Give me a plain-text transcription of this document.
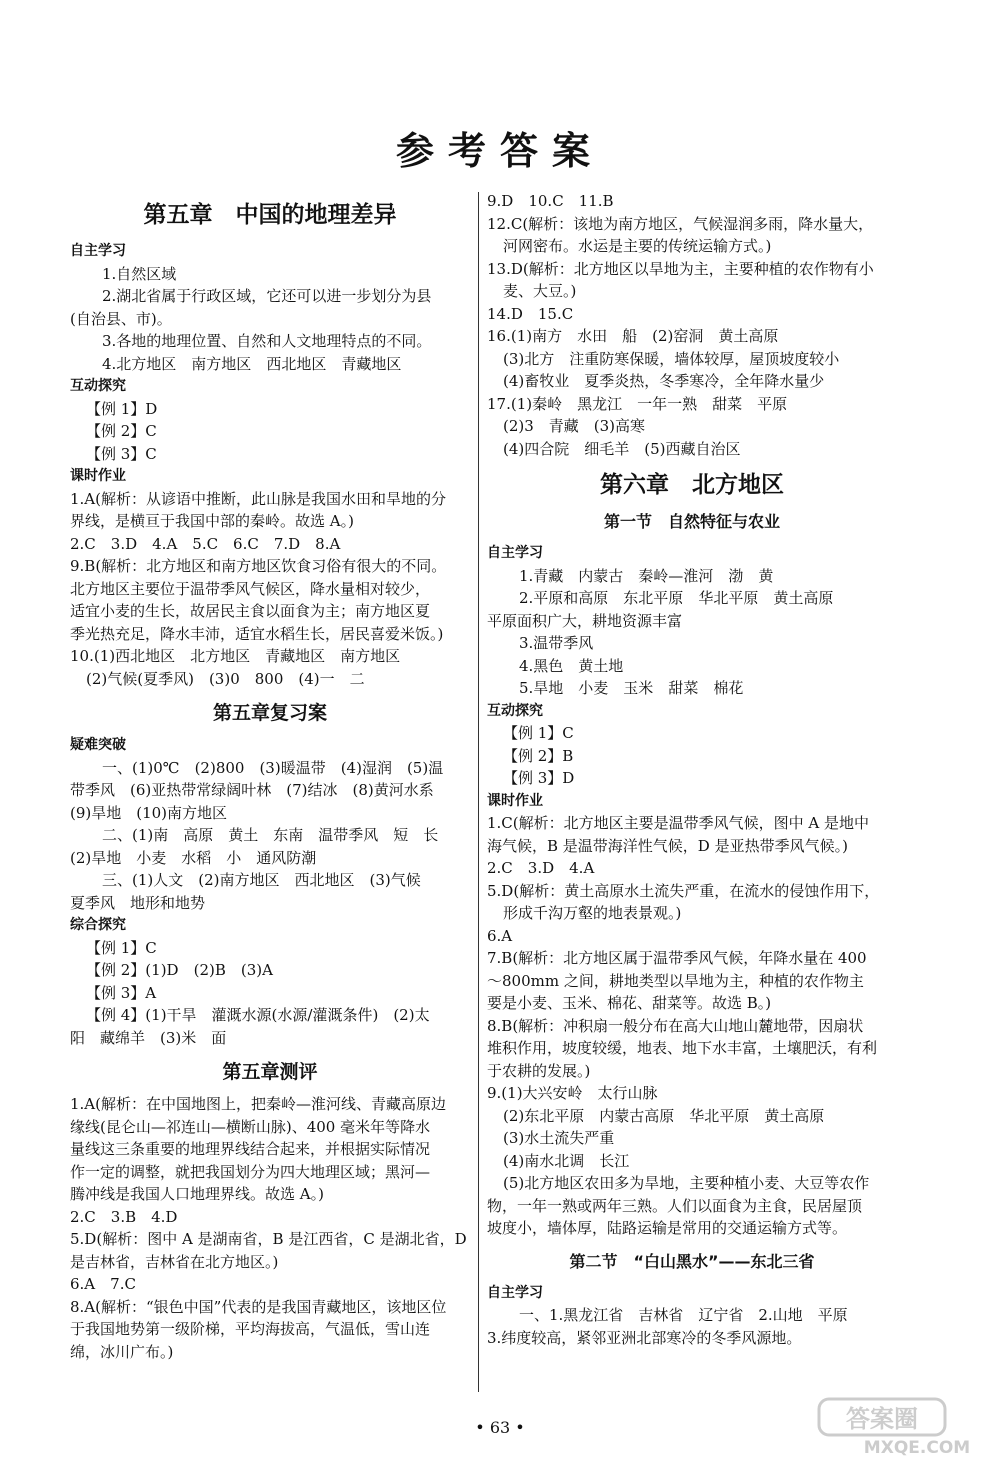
参考答案
第五章　中国的地理差异
自主学习
1.自然区域
2.湖北省属于行政区域，它还可以进一步划分为县
(自治县、市)。
3.各地的地理位置、自然和人文地理特点的不同。
4.北方地区　南方地区　西北地区　青藏地区
互动探究
【例 1】D
【例 2】C
【例 3】C
课时作业
1.A(解析：从谚语中推断，此山脉是我国水田和旱地的分
界线，是横亘于我国中部的秦岭。故选 A。)
2.C　3.D　4.A　5.C　6.C　7.D　8.A
9.B(解析：北方地区和南方地区饮食习俗有很大的不同。
北方地区主要位于温带季风气候区，降水量相对较少，
适宜小麦的生长，故居民主食以面食为主；南方地区夏
季光热充足，降水丰沛，适宜水稻生长，居民喜爱米饭。)
10.(1)西北地区　北方地区　青藏地区　南方地区
(2)气候(夏季风)　(3)0　800　(4)一　二
第五章复习案
疑难突破
一、(1)0℃　(2)800　(3)暖温带　(4)湿润　(5)温
带季风　(6)亚热带常绿阔叶林　(7)结冰　(8)黄河水系
(9)旱地　(10)南方地区
二、(1)南　高原　黄土　东南　温带季风　短　长
(2)旱地　小麦　水稻　小　通风防潮
三、(1)人文　(2)南方地区　西北地区　(3)气候
夏季风　地形和地势
综合探究
【例 1】C
【例 2】(1)D　(2)B　(3)A
【例 3】A
【例 4】(1)干旱　灌溉水源(水源/灌溉条件)　(2)太
阳　藏绵羊　(3)米　面
第五章测评
1.A(解析：在中国地图上，把秦岭—淮河线、青藏高原边
缘线(昆仑山—祁连山—横断山脉)、400 毫米年等降水
量线这三条重要的地理界线结合起来，并根据实际情况
作一定的调整，就把我国划分为四大地理区域；黑河—
腾冲线是我国人口地理界线。故选 A。)
2.C　3.B　4.D
5.D(解析：图中 A 是湖南省，B 是江西省，C 是湖北省，D
是吉林省，吉林省在北方地区。)
6.A　7.C
8.A(解析：“银色中国”代表的是我国青藏地区，该地区位
于我国地势第一级阶梯，平均海拔高，气温低，雪山连
绵，冰川广布。)
9.D　10.C　11.B
12.C(解析：该地为南方地区，气候湿润多雨，降水量大，
河网密布。水运是主要的传统运输方式。)
13.D(解析：北方地区以旱地为主，主要种植的农作物有小
麦、大豆。)
14.D　15.C
16.(1)南方　水田　船　(2)窑洞　黄土高原
(3)北方　注重防寒保暖，墙体较厚，屋顶坡度较小
(4)畜牧业　夏季炎热，冬季寒冷，全年降水量少
17.(1)秦岭　黑龙江　一年一熟　甜菜　平原
(2)3　青藏　(3)高寒
(4)四合院　细毛羊　(5)西藏自治区
第六章　北方地区
第一节　自然特征与农业
自主学习
1.青藏　内蒙古　秦岭—淮河　渤　黄
2.平原和高原　东北平原　华北平原　黄土高原
平原面积广大，耕地资源丰富
3.温带季风
4.黑色　黄土地
5.旱地　小麦　玉米　甜菜　棉花
互动探究
【例 1】C
【例 2】B
【例 3】D
课时作业
1.C(解析：北方地区主要是温带季风气候，图中 A 是地中
海气候，B 是温带海洋性气候，D 是亚热带季风气候。)
2.C　3.D　4.A
5.D(解析：黄土高原水土流失严重，在流水的侵蚀作用下，
形成千沟万壑的地表景观。)
6.A
7.B(解析：北方地区属于温带季风气候，年降水量在 400
～800mm 之间，耕地类型以旱地为主，种植的农作物主
要是小麦、玉米、棉花、甜菜等。故选 B。)
8.B(解析：冲积扇一般分布在高大山地山麓地带，因扇状
堆积作用，坡度较缓，地表、地下水丰富，土壤肥沃，有利
于农耕的发展。)
9.(1)大兴安岭　太行山脉
(2)东北平原　内蒙古高原　华北平原　黄土高原
(3)水土流失严重
(4)南水北调　长江
(5)北方地区农田多为旱地，主要种植小麦、大豆等农作
物，一年一熟或两年三熟。人们以面食为主食，民居屋顶
坡度小，墙体厚，陆路运输是常用的交通运输方式等。
第二节　“白山黑水”——东北三省
自主学习
一、1.黑龙江省　吉林省　辽宁省　2.山地　平原
3.纬度较高，紧邻亚洲北部寒冷的冬季风源地。
• 63 •	答案圈
MXQE.COM
